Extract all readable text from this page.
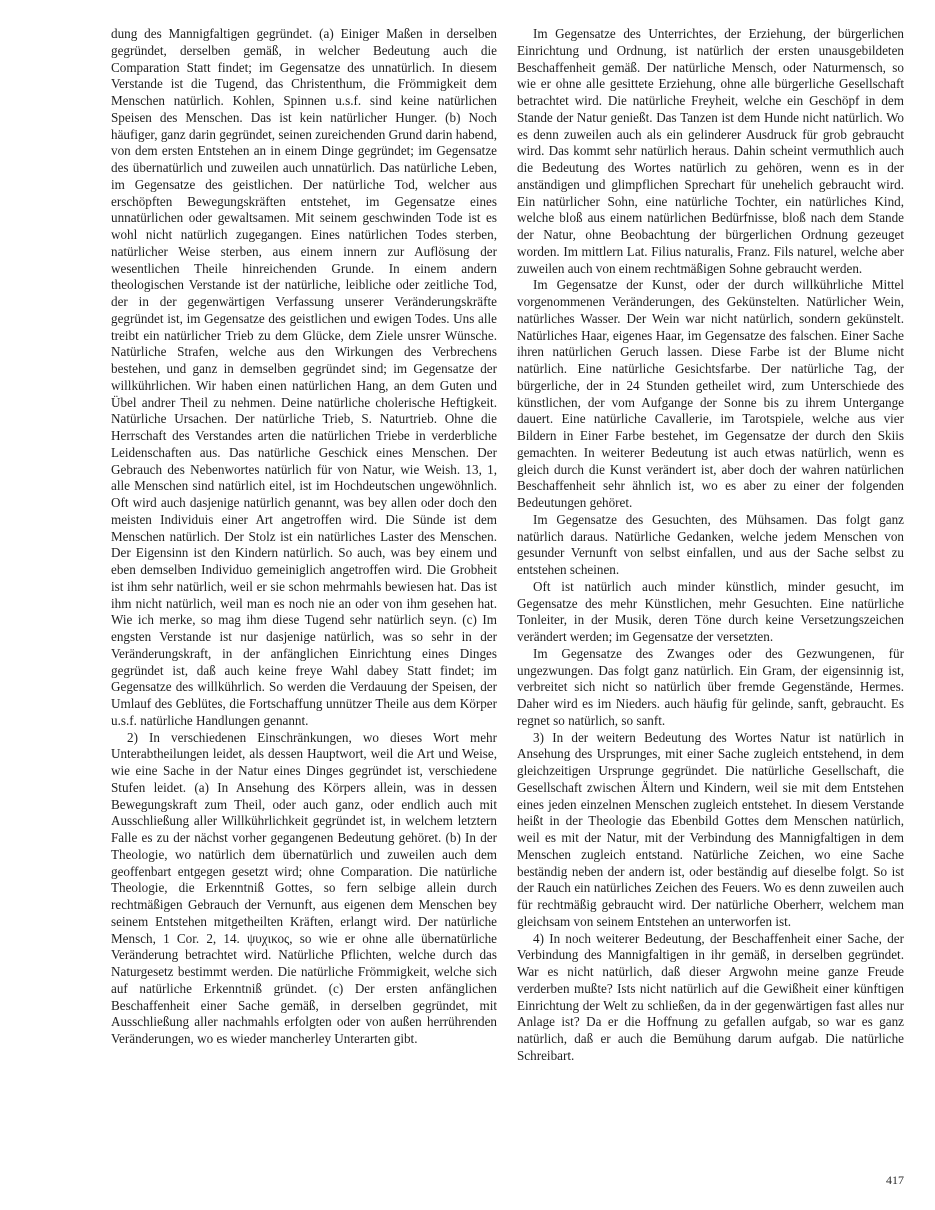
dung des Mannigfaltigen gegründet. (a) Einiger Maßen in derselben gegründet, derselben gemäß, in welcher Bedeutung auch die Comparation Statt findet; im Gegensatze des unnatürlich. In diesem Verstande ist die Tugend, das Christenthum, die Frömmigkeit dem Menschen natürlich. Kohlen, Spinnen u.s.f. sind keine natürlichen Speisen des Menschen. Das ist kein natürlicher Hunger. (b) Noch häufiger, ganz darin gegründet, seinen zureichenden Grund darin habend, von dem ersten Entstehen an in einem Dinge gegründet; im Gegensatze des übernatürlich und zuweilen auch unnatürlich. Das natürliche Leben, im Gegensatze des geistlichen. Der natürliche Tod, welcher aus erschöpften Bewegungskräften entstehet, im Gegensatze eines unnatürlichen oder gewaltsamen. Mit seinem geschwinden Tode ist es wohl nicht natürlich zugegangen. Eines natürlichen Todes sterben, natürlicher Weise sterben, aus einem innern zur Auflösung der wesentlichen Theile hinreichenden Grunde. In einem andern theologischen Verstande ist der natürliche, leibliche oder zeitliche Tod, der in der gegenwärtigen Verfassung unserer Veränderungskräfte gegründet ist, im Gegensatze des geistlichen und ewigen Todes. Uns alle treibt ein natürlicher Trieb zu dem Glücke, dem Ziele unsrer Wünsche. Natürliche Strafen, welche aus den Wirkungen des Verbrechens bestehen, und ganz in demselben gegründet sind; im Gegensatze der willkührlichen. Wir haben einen natürlichen Hang, an dem Guten und Übel andrer Theil zu nehmen. Deine natürliche cholerische Heftigkeit. Natürliche Ursachen. Der natürliche Trieb, S. Naturtrieb. Ohne die Herrschaft des Verstandes arten die natürlichen Triebe in verderbliche Leidenschaften aus. Das natürliche Geschick eines Menschen. Der Gebrauch des Nebenwortes natürlich für von Natur, wie Weish. 13, 1, alle Menschen sind natürlich eitel, ist im Hochdeutschen ungewöhnlich. Oft wird auch dasjenige natürlich genannt, was bey allen oder doch den meisten Individuis einer Art angetroffen wird. Die Sünde ist dem Menschen natürlich. Der Stolz ist ein natürliches Laster des Menschen. Der Eigensinn ist den Kindern natürlich. So auch, was bey einem und eben demselben Individuo gemeiniglich angetroffen wird. Die Grobheit ist ihm sehr natürlich, weil er sie schon mehrmahls bewiesen hat. Das ist ihm nicht natürlich, weil man es noch nie an oder von ihm gesehen hat. Wie ich merke, so mag ihm diese Tugend sehr natürlich seyn. (c) Im engsten Verstande ist nur dasjenige natürlich, was so sehr in der Veränderungskraft, in der anfänglichen Einrichtung eines Dinges gegründet ist, daß auch keine freye Wahl dabey Statt findet; im Gegensatze des willkührlich. So werden die Verdauung der Speisen, der Umlauf des Geblütes, die Fortschaffung unnützer Theile aus dem Körper u.s.f. natürliche Handlungen genannt.

2) In verschiedenen Einschränkungen, wo dieses Wort mehr Unterabtheilungen leidet, als dessen Hauptwort, weil die Art und Weise, wie eine Sache in der Natur eines Dinges gegründet ist, verschiedene Stufen leidet. (a) In Ansehung des Körpers allein, was in dessen Bewegungskraft zum Theil, oder auch ganz, oder endlich auch mit Ausschließung aller Willkührlichkeit gegründet ist, in welchem letztern Falle es zu der nächst vorher gegangenen Bedeutung gehöret. (b) In der Theologie, wo natürlich dem übernatürlich und zuweilen auch dem geoffenbart entgegen gesetzt wird; ohne Comparation. Die natürliche Theologie, die Erkenntniß Gottes, so fern selbige allein durch rechtmäßigen Gebrauch der Vernunft, aus eigenen dem Menschen bey seinem Entstehen mitgetheilten Kräften, erlangt wird. Der natürliche Mensch, 1 Cor. 2, 14. ψυχικος, so wie er ohne alle übernatürliche Veränderung betrachtet wird. Natürliche Pflichten, welche durch das Naturgesetz bestimmt werden. Die natürliche Frömmigkeit, welche sich auf natürliche Erkenntniß gründet. (c) Der ersten anfänglichen Beschaffenheit einer Sache gemäß, in derselben gegründet, mit Ausschließung aller nachmahls erfolgten oder von außen herrührenden Veränderungen, wo es wieder mancherley Unterarten gibt.

Im Gegensatze des Unterrichtes, der Erziehung, der bürgerlichen Einrichtung und Ordnung, ist natürlich der ersten unausgebildeten Beschaffenheit gemäß. Der natürliche Mensch, oder Naturmensch, so wie er ohne alle gesittete Erziehung, ohne alle bürgerliche Gesellschaft betrachtet wird. Die natürliche Freyheit, welche ein Geschöpf in dem Stande der Natur genießt. Das Tanzen ist dem Hunde nicht natürlich. Wo es denn zuweilen auch als ein gelinderer Ausdruck für grob gebraucht wird. Das kommt sehr natürlich heraus. Dahin scheint vermuthlich auch die Bedeutung des Wortes natürlich zu gehören, wenn es in der anständigen und glimpflichen Sprechart für unehelich gebraucht wird. Ein natürlicher Sohn, eine natürliche Tochter, ein natürliches Kind, welche bloß aus einem natürlichen Bedürfnisse, bloß nach dem Stande der Natur, ohne Beobachtung der bürgerlichen Ordnung gezeuget worden. Im mittlern Lat. Filius naturalis, Franz. Fils naturel, welche aber zuweilen auch von einem rechtmäßigen Sohne gebraucht werden.

Im Gegensatze der Kunst, oder der durch willkührliche Mittel vorgenommenen Veränderungen, des Gekünstelten. Natürlicher Wein, natürliches Wasser. Der Wein war nicht natürlich, sondern gekünstelt. Natürliches Haar, eigenes Haar, im Gegensatze des falschen. Einer Sache ihren natürlichen Geruch lassen. Diese Farbe ist der Blume nicht natürlich. Eine natürliche Gesichtsfarbe. Der natürliche Tag, der bürgerliche, der in 24 Stunden getheilet wird, zum Unterschiede des künstlichen, der vom Aufgange der Sonne bis zu ihrem Untergange dauert. Eine natürliche Cavallerie, im Tarotspiele, welche aus vier Bildern in Einer Farbe bestehet, im Gegensatze der durch den Skiis gemachten. In weiterer Bedeutung ist auch etwas natürlich, wenn es gleich durch die Kunst verändert ist, aber doch der wahren natürlichen Beschaffenheit sehr ähnlich ist, wo es aber zu einer der folgenden Bedeutungen gehöret.

Im Gegensatze des Gesuchten, des Mühsamen. Das folgt ganz natürlich daraus. Natürliche Gedanken, welche jedem Menschen von gesunder Vernunft von selbst einfallen, und aus der Sache selbst zu entstehen scheinen.

Oft ist natürlich auch minder künstlich, minder gesucht, im Gegensatze des mehr Künstlichen, mehr Gesuchten. Eine natürliche Tonleiter, in der Musik, deren Töne durch keine Versetzungszeichen verändert werden; im Gegensatze der versetzten.

Im Gegensatze des Zwanges oder des Gezwungenen, für ungezwungen. Das folgt ganz natürlich. Ein Gram, der eigensinnig ist, verbreitet sich nicht so natürlich über fremde Gegenstände, Hermes. Daher wird es im Nieders. auch häufig für gelinde, sanft, gebraucht. Es regnet so natürlich, so sanft.

3) In der weitern Bedeutung des Wortes Natur ist natürlich in Ansehung des Ursprunges, mit einer Sache zugleich entstehend, in dem gleichzeitigen Ursprunge gegründet. Die natürliche Gesellschaft, die Gesellschaft zwischen Ältern und Kindern, weil sie mit dem Entstehen eines jeden einzelnen Menschen zugleich entstehet. In diesem Verstande heißt in der Theologie das Ebenbild Gottes dem Menschen natürlich, weil es mit der Natur, mit der Verbindung des Mannigfaltigen in dem Menschen zugleich entstand. Natürliche Zeichen, wo eine Sache beständig neben der andern ist, oder beständig auf dieselbe folgt. So ist der Rauch ein natürliches Zeichen des Feuers. Wo es denn zuweilen auch für rechtmäßig gebraucht wird. Der natürliche Oberherr, welchem man gleichsam von seinem Entstehen an unterworfen ist.

4) In noch weiterer Bedeutung, der Beschaffenheit einer Sache, der Verbindung des Mannigfaltigen in ihr gemäß, in derselben gegründet. War es nicht natürlich, daß dieser Argwohn meine ganze Freude verderben mußte? Ists nicht natürlich auf die Gewißheit einer künftigen Einrichtung der Welt zu schließen, da in der gegenwärtigen fast alles nur Anlage ist? Da er die Hoffnung zu gefallen aufgab, so war es ganz natürlich, daß er auch die Bemühung darum aufgab. Die natürliche Schreibart.

417
